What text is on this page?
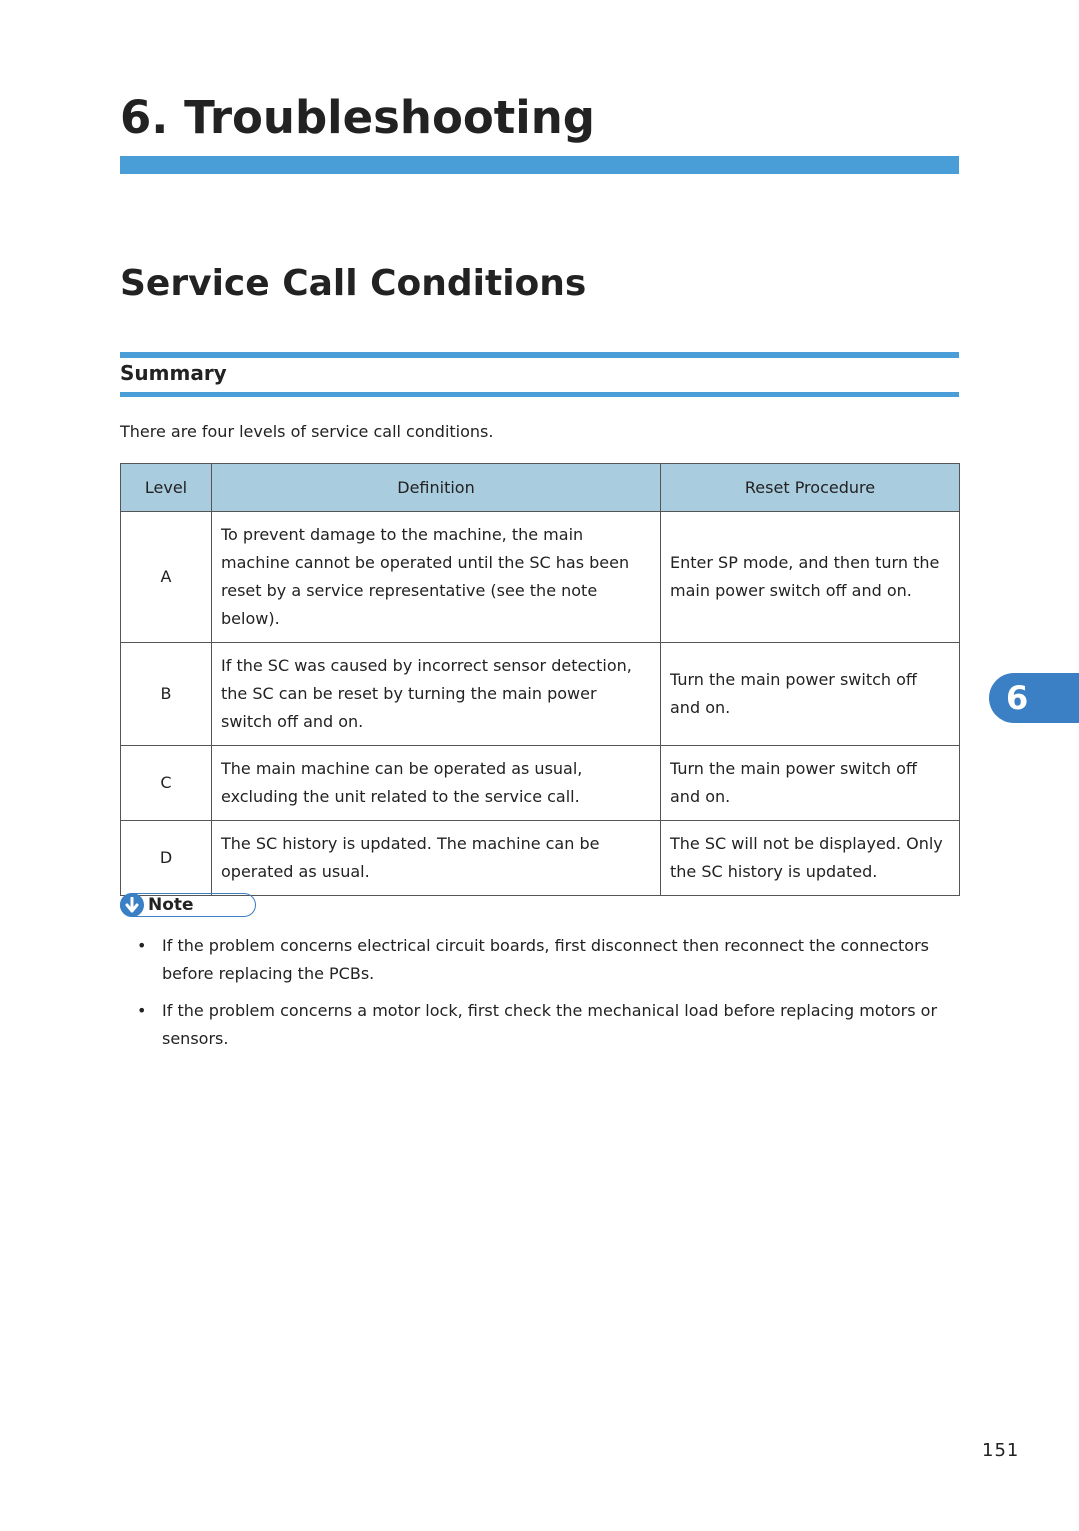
6. Troubleshooting
Service Call Conditions
Summary
There are four levels of service call conditions.
Level	Definition	Reset Procedure
A	To prevent damage to the machine, the main machine cannot be operated until the SC has been reset by a service representative (see the note below).	Enter SP mode, and then turn the main power switch off and on.
B	If the SC was caused by incorrect sensor detection, the SC can be reset by turning the main power switch off and on.	Turn the main power switch off and on.
C	The main machine can be operated as usual, excluding the unit related to the service call.	Turn the main power switch off and on.
D	The SC history is updated. The machine can be operated as usual.	The SC will not be displayed. Only the SC history is updated.
Note
• If the problem concerns electrical circuit boards, first disconnect then reconnect the connectors before replacing the PCBs.
• If the problem concerns a motor lock, first check the mechanical load before replacing motors or sensors.
6
151
